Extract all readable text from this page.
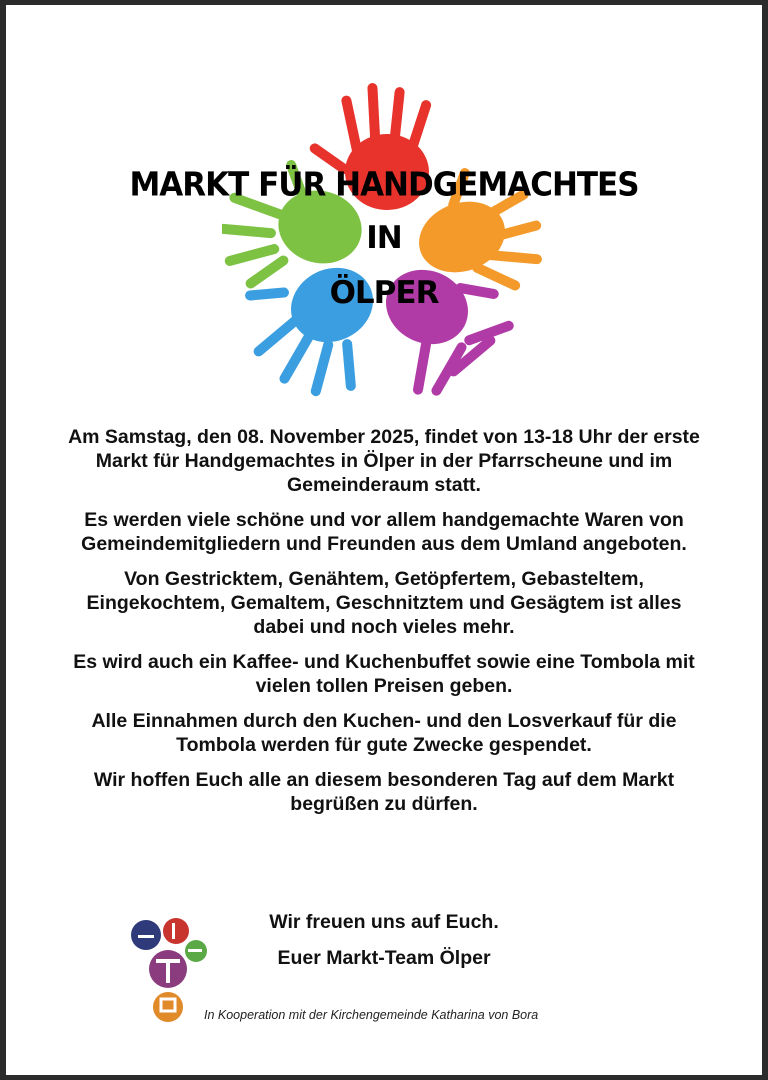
MARKT FÜR HANDGEMACHTES
IN
ÖLPER

Am Samstag, den 08. November 2025, findet von 13-18 Uhr der erste Markt für Handgemachtes in Ölper in der Pfarrscheune und im Gemeinderaum statt.

Es werden viele schöne und vor allem handgemachte Waren von Gemeindemitgliedern und Freunden aus dem Umland angeboten.

Von Gestricktem, Genähtem, Getöpfertem, Gebasteltem, Eingekochtem, Gemaltem, Geschnitztem und Gesägtem ist alles dabei und noch vieles mehr.

Es wird auch ein Kaffee- und Kuchenbuffet sowie eine Tombola mit vielen tollen Preisen geben.

Alle Einnahmen durch den Kuchen- und den Losverkauf für die Tombola werden für gute Zwecke gespendet.

Wir hoffen Euch alle an diesem besonderen Tag auf dem Markt begrüßen zu dürfen.

Wir freuen uns auf Euch.
Euer Markt-Team Ölper
In Kooperation mit der Kirchengemeinde Katharina von Bora
